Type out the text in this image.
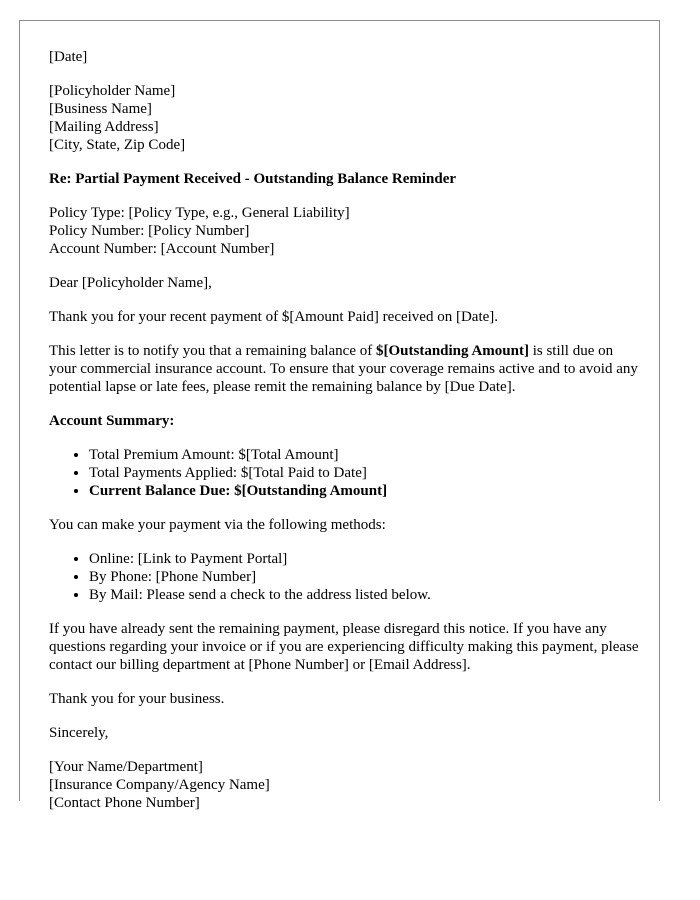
[Date]
[Policyholder Name]
[Business Name]
[Mailing Address]
[City, State, Zip Code]
Re: Partial Payment Received - Outstanding Balance Reminder
Policy Type: [Policy Type, e.g., General Liability]
Policy Number: [Policy Number]
Account Number: [Account Number]

Dear [Policyholder Name],

Thank you for your recent payment of $[Amount Paid] received on [Date].

This letter is to notify you that a remaining balance of $[Outstanding Amount] is still due on your commercial insurance account. To ensure that your coverage remains active and to avoid any potential lapse or late fees, please remit the remaining balance by [Due Date].

Account Summary:

• Total Premium Amount: $[Total Amount]
• Total Payments Applied: $[Total Paid to Date]
• Current Balance Due: $[Outstanding Amount]

You can make your payment via the following methods:

• Online: [Link to Payment Portal]
• By Phone: [Phone Number]
• By Mail: Please send a check to the address listed below.

If you have already sent the remaining payment, please disregard this notice. If you have any questions regarding your invoice or if you are experiencing difficulty making this payment, please contact our billing department at [Phone Number] or [Email Address].

Thank you for your business.

Sincerely,

[Your Name/Department]
[Insurance Company/Agency Name]
[Contact Phone Number]
